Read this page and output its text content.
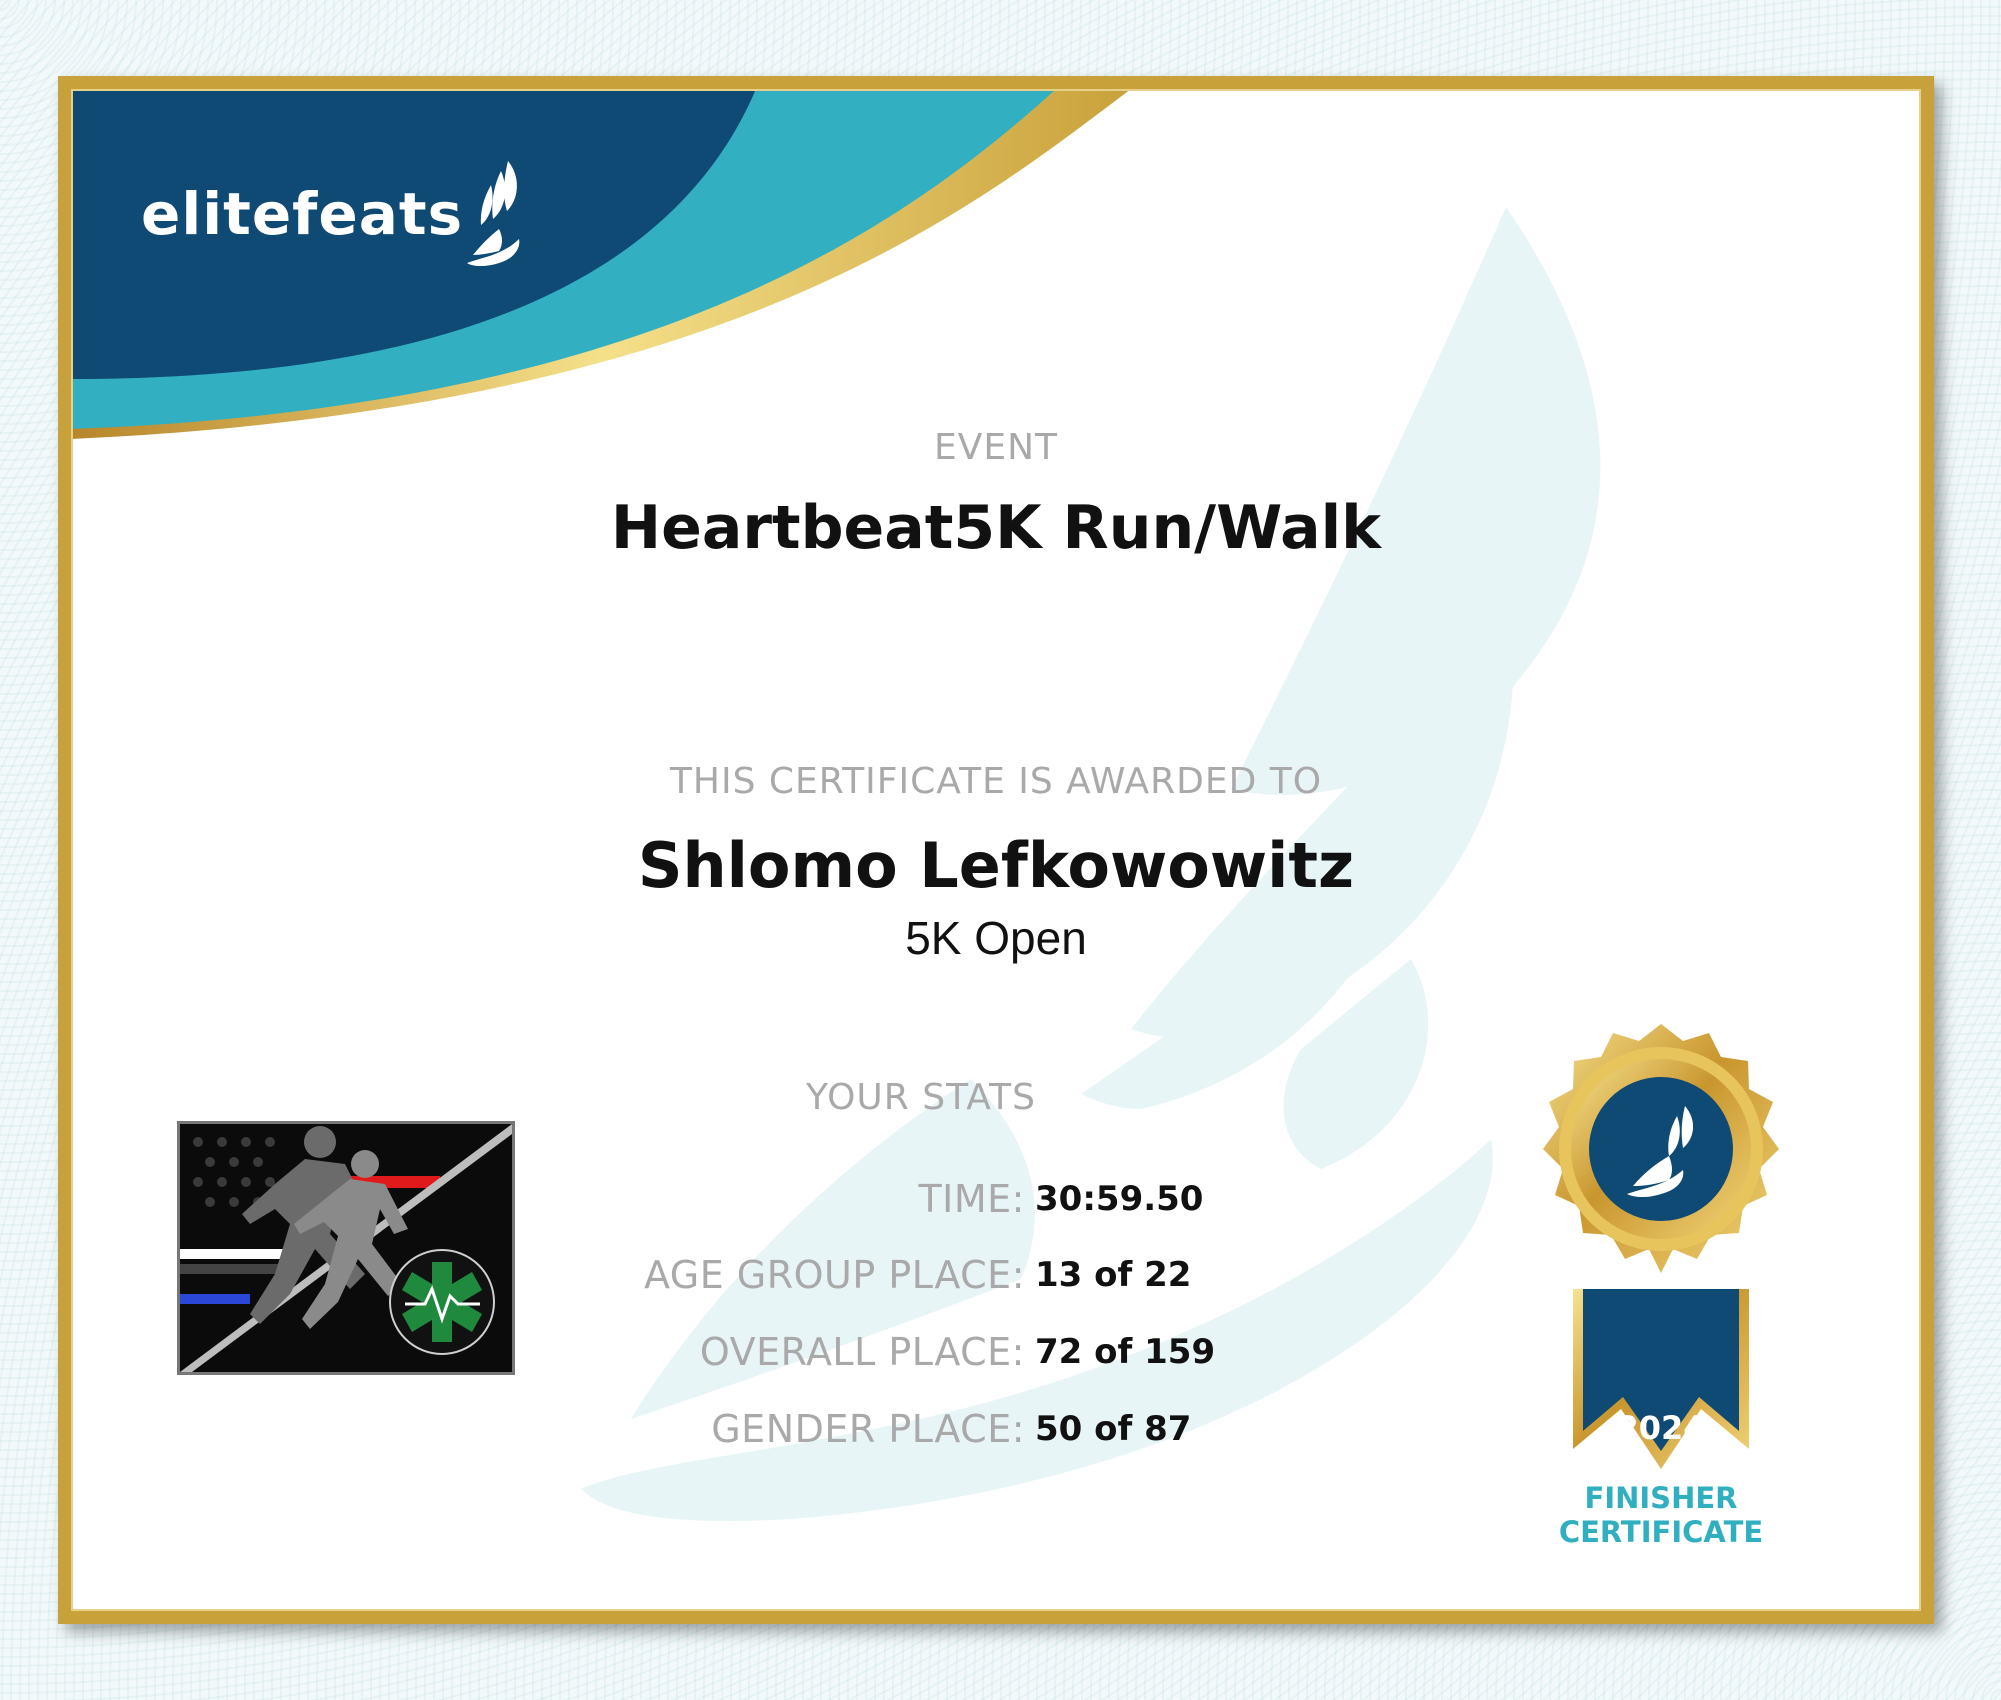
elitefeats
EVENT
Heartbeat5K Run/Walk
THIS CERTIFICATE IS AWARDED TO
Shlomo Lefkowowitz
5K Open
YOUR STATS
TIME: 30:59.50
AGE GROUP PLACE: 13 of 22
OVERALL PLACE: 72 of 159
GENDER PLACE: 50 of 87	2024
FINISHER
CERTIFICATE
